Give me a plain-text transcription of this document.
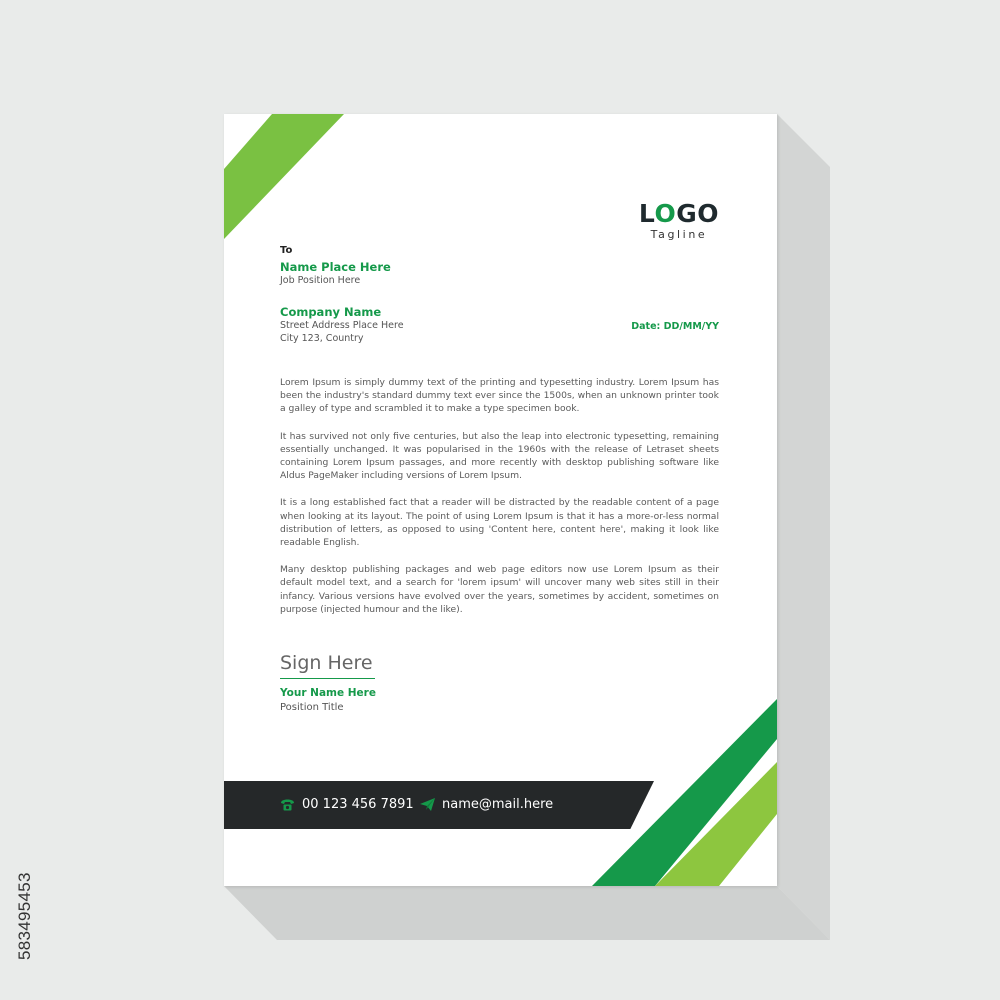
LOGO
Tagline
To
Name Place Here
Job Position Here
Company Name
Street Address Place Here
City 123, Country
Date: DD/MM/YY

Lorem Ipsum is simply dummy text of the printing and typesetting industry. Lorem Ipsum has been the industry's standard dummy text ever since the 1500s, when an unknown printer took a galley of type and scrambled it to make a type specimen book.

It has survived not only five centuries, but also the leap into electronic typesetting, remaining essentially unchanged. It was popularised in the 1960s with the release of Letraset sheets containing Lorem Ipsum passages, and more recently with desktop publishing software like Aldus PageMaker including versions of Lorem Ipsum.

It is a long established fact that a reader will be distracted by the readable content of a page when looking at its layout. The point of using Lorem Ipsum is that it has a more-or-less normal distribution of letters, as opposed to using 'Content here, content here', making it look like readable English.

Many desktop publishing packages and web page editors now use Lorem Ipsum as their default model text, and a search for 'lorem ipsum' will uncover many web sites still in their infancy. Various versions have evolved over the years, sometimes by accident, sometimes on purpose (injected humour and the like).

Sign Here
Your Name Here
Position Title
00 123 456 7891 name@mail.here
583495453
